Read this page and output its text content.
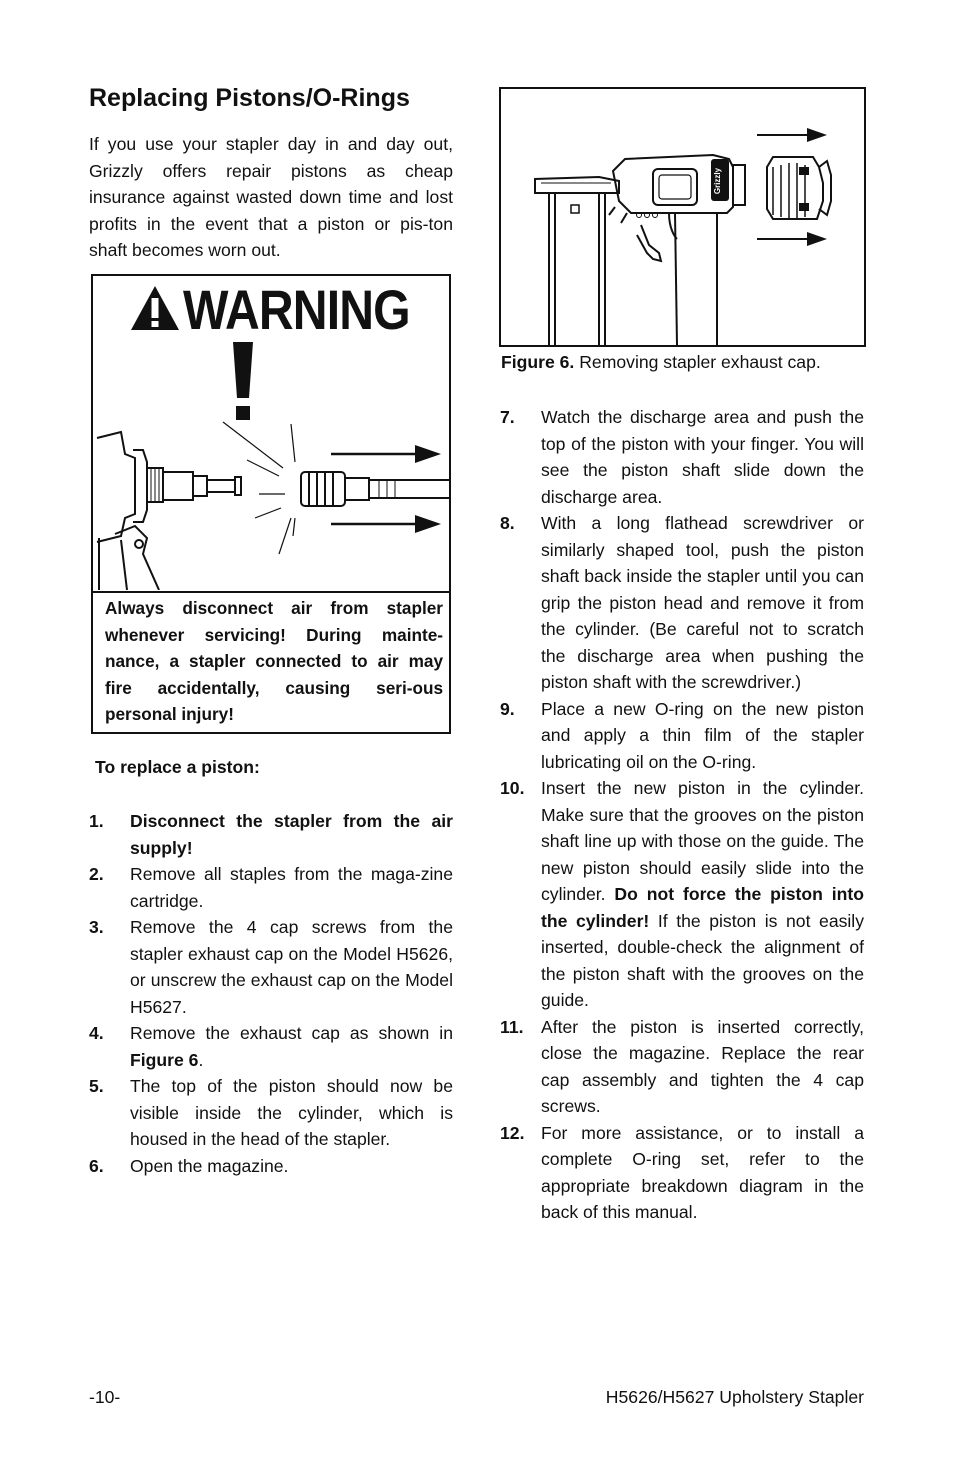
Replacing Pistons/O-Rings

If you use your stapler day in and day out, Grizzly offers repair pistons as cheap insurance against wasted down time and lost profits in the event that a piston or pis-ton shaft becomes worn out.

WARNING

Always disconnect air from stapler whenever servicing! During mainte-nance, a stapler connected to air may fire accidentally, causing seri-ous personal injury!

To replace a piston:

1. Disconnect the stapler from the air supply!
2. Remove all staples from the maga-zine cartridge.
3. Remove the 4 cap screws from the stapler exhaust cap on the Model H5626, or unscrew the exhaust cap on the Model H5627.
4. Remove the exhaust cap as shown in Figure 6.
5. The top of the piston should now be visible inside the cylinder, which is housed in the head of the stapler.
6. Open the magazine.
Grizzly

Figure 6. Removing stapler exhaust cap.

7. Watch the discharge area and push the top of the piston with your finger. You will see the piston shaft slide down the discharge area.
8. With a long flathead screwdriver or similarly shaped tool, push the piston shaft back inside the stapler until you can grip the piston head and remove it from the cylinder. (Be careful not to scratch the discharge area when pushing the piston shaft with the screwdriver.)
9. Place a new O-ring on the new piston and apply a thin film of the stapler lubricating oil on the O-ring.
10. Insert the new piston in the cylinder. Make sure that the grooves on the piston shaft line up with those on the guide. The new piston should easily slide into the cylinder. Do not force the piston into the cylinder! If the piston is not easily inserted, double-check the alignment of the piston shaft with the grooves on the guide.
11. After the piston is inserted correctly, close the magazine. Replace the rear cap assembly and tighten the 4 cap screws.
12. For more assistance, or to install a complete O-ring set, refer to the appropriate breakdown diagram in the back of this manual.

-10-	H5626/H5627 Upholstery Stapler
